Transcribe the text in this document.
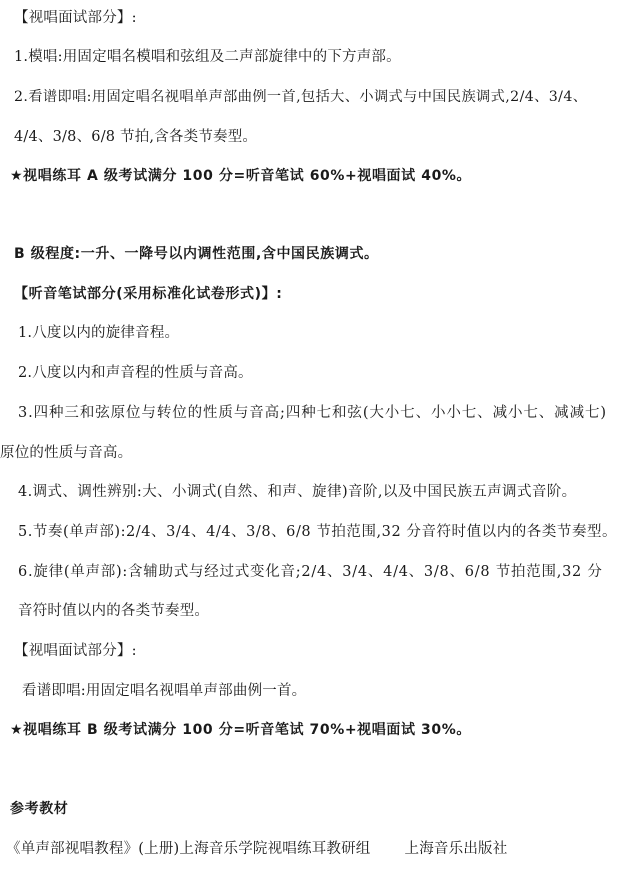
【视唱面试部分】:
1.模唱:用固定唱名模唱和弦组及二声部旋律中的下方声部。
2.看谱即唱:用固定唱名视唱单声部曲例一首,包括大、小调式与中国民族调式,2/4、3/4、
4/4、3/8、6/8 节拍,含各类节奏型。
★视唱练耳 A 级考试满分 100 分=听音笔试 60%+视唱面试 40%。
B 级程度:一升、一降号以内调性范围,含中国民族调式。
【听音笔试部分(采用标准化试卷形式)】:
1.八度以内的旋律音程。
2.八度以内和声音程的性质与音高。
3.四种三和弦原位与转位的性质与音高;四种七和弦(大小七、小小七、减小七、减减七)
原位的性质与音高。
4.调式、调性辨别:大、小调式(自然、和声、旋律)音阶,以及中国民族五声调式音阶。
5.节奏(单声部):2/4、3/4、4/4、3/8、6/8 节拍范围,32 分音符时值以内的各类节奏型。
6.旋律(单声部):含辅助式与经过式变化音;2/4、3/4、4/4、3/8、6/8 节拍范围,32 分
音符时值以内的各类节奏型。
【视唱面试部分】:
看谱即唱:用固定唱名视唱单声部曲例一首。
★视唱练耳 B 级考试满分 100 分=听音笔试 70%+视唱面试 30%。
参考教材
《单声部视唱教程》(上册)上海音乐学院视唱练耳教研组 上海音乐出版社
